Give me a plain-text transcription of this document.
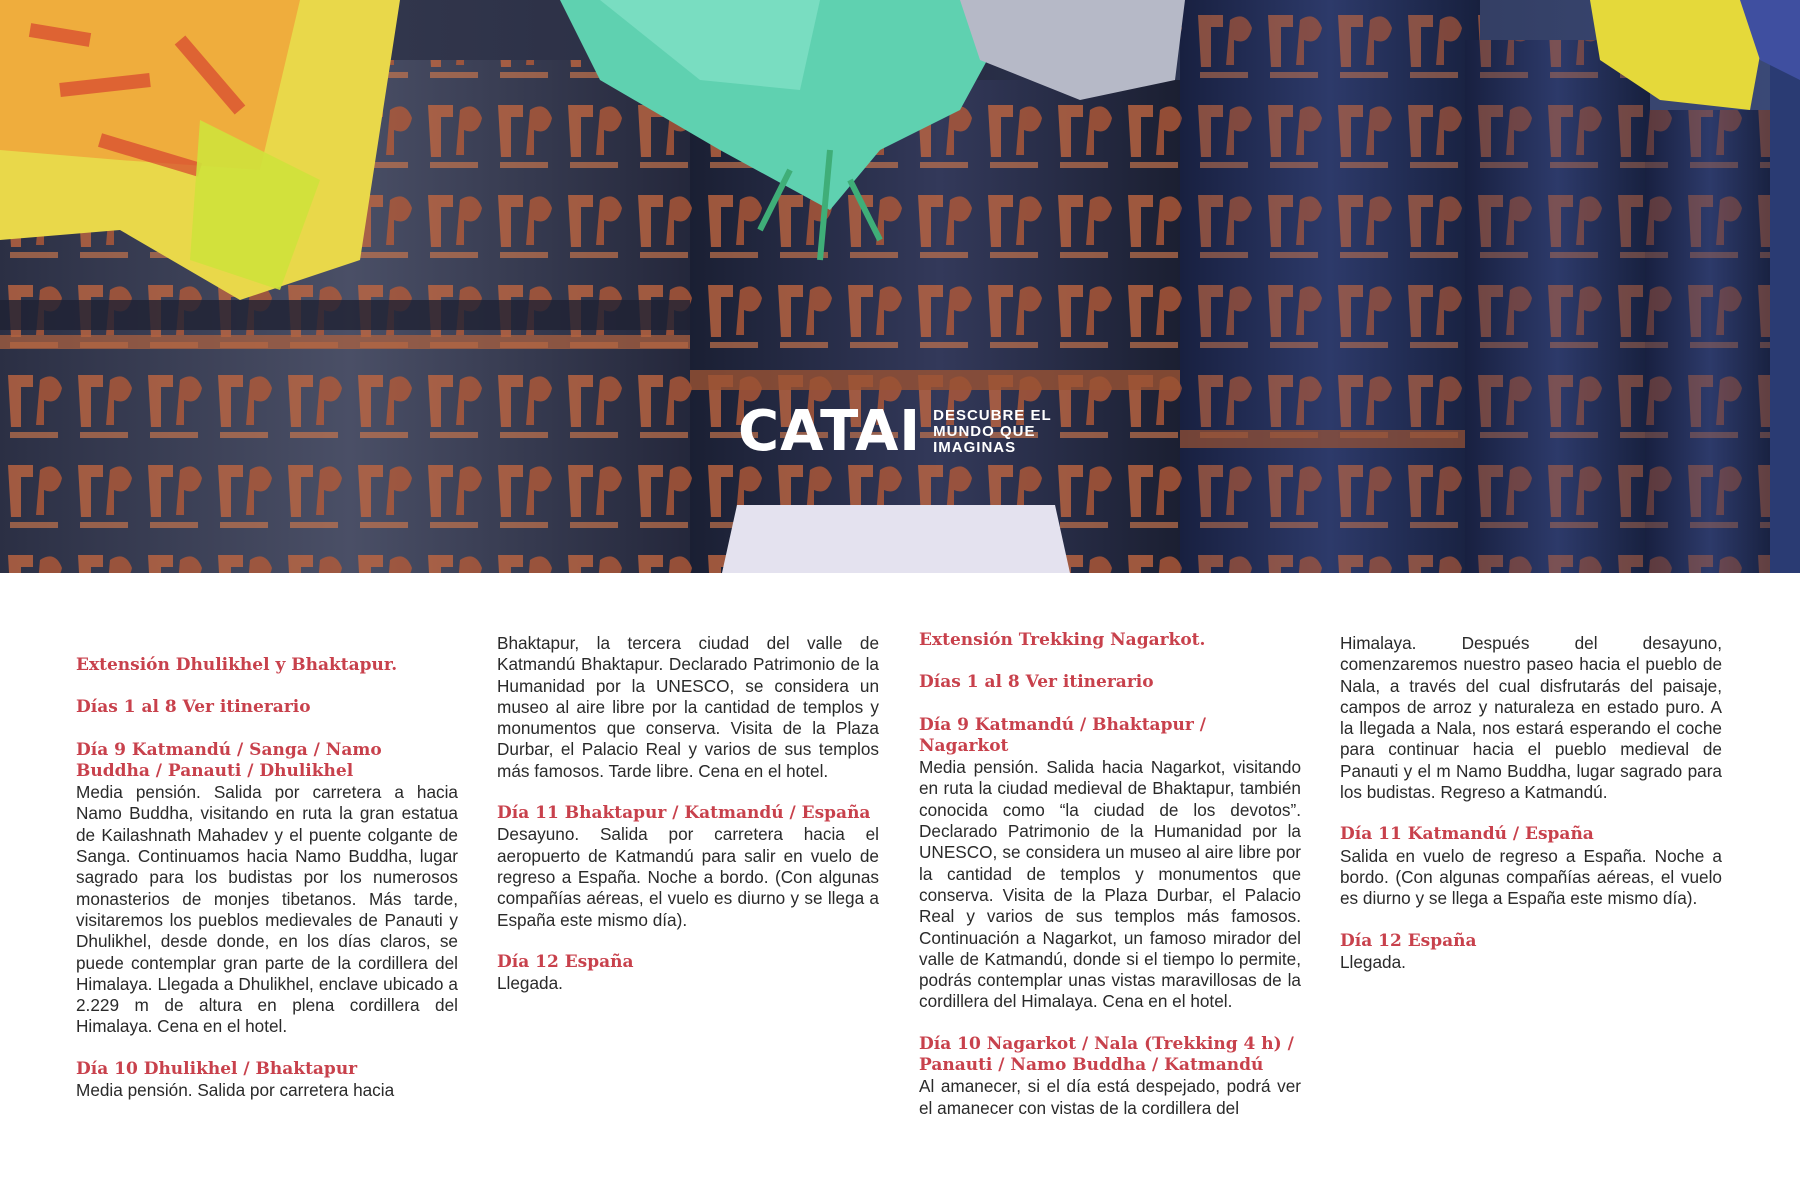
CATAI DESCUBRE EL MUNDO QUE IMAGINAS
Extensión Dhulikhel y Bhaktapur.
Días 1 al 8 Ver itinerario
Día 9 Katmandú / Sanga / Namo Buddha / Panauti / Dhulikhel

Media pensión. Salida por carretera a hacia Namo Buddha, visitando en ruta la gran estatua de Kailashnath Mahadev y el puente colgante de Sanga. Continuamos hacia Namo Buddha, lugar sagrado para los budistas por los numerosos monasterios de monjes tibetanos. Más tarde, visitaremos los pueblos medievales de Panauti y Dhulikhel, desde donde, en los días claros, se puede contemplar gran parte de la cordillera del Himalaya. Llegada a Dhulikhel, enclave ubicado a 2.229 m de altura en plena cordillera del Himalaya. Cena en el hotel.

Día 10 Dhulikhel / Bhaktapur

Media pensión. Salida por carretera hacia

Bhaktapur, la tercera ciudad del valle de Katmandú Bhaktapur. Declarado Patrimonio de la Humanidad por la UNESCO, se considera un museo al aire libre por la cantidad de templos y monumentos que conserva. Visita de la Plaza Durbar, el Palacio Real y varios de sus templos más famosos. Tarde libre. Cena en el hotel.

Día 11 Bhaktapur / Katmandú / España

Desayuno. Salida por carretera hacia el aeropuerto de Katmandú para salir en vuelo de regreso a España. Noche a bordo. (Con algunas compañías aéreas, el vuelo es diurno y se llega a España este mismo día).

Día 12 España

Llegada.

Extensión Trekking Nagarkot.
Días 1 al 8 Ver itinerario
Día 9 Katmandú / Bhaktapur / Nagarkot

Media pensión. Salida hacia Nagarkot, visitando en ruta la ciudad medieval de Bhaktapur, también conocida como “la ciudad de los devotos”. Declarado Patrimonio de la Humanidad por la UNESCO, se considera un museo al aire libre por la cantidad de templos y monumentos que conserva. Visita de la Plaza Durbar, el Palacio Real y varios de sus templos más famosos. Continuación a Nagarkot, un famoso mirador del valle de Katmandú, donde si el tiempo lo permite, podrás contemplar unas vistas maravillosas de la cordillera del Himalaya. Cena en el hotel.

Día 10 Nagarkot / Nala (Trekking 4 h) / Panauti / Namo Buddha / Katmandú

Al amanecer, si el día está despejado, podrá ver el amanecer con vistas de la cordillera del

Himalaya. Después del desayuno, comenzaremos nuestro paseo hacia el pueblo de Nala, a través del cual disfrutarás del paisaje, campos de arroz y naturaleza en estado puro. A la llegada a Nala, nos estará esperando el coche para continuar hacia el pueblo medieval de Panauti y el m Namo Buddha, lugar sagrado para los budistas. Regreso a Katmandú.

Día 11 Katmandú / España

Salida en vuelo de regreso a España. Noche a bordo. (Con algunas compañías aéreas, el vuelo es diurno y se llega a España este mismo día).

Día 12 España

Llegada.
